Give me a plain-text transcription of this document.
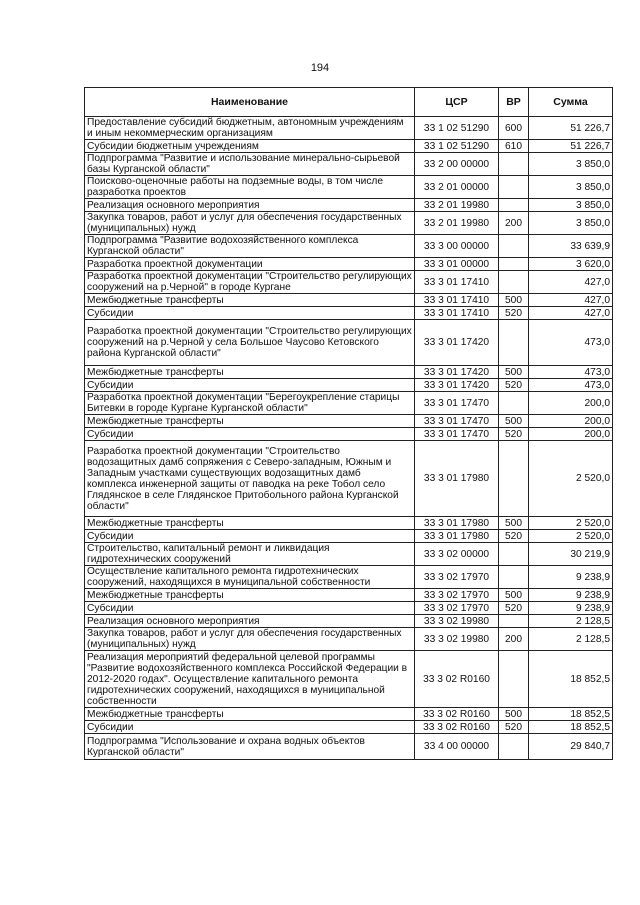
194
Наименование	ЦСР	ВР	Сумма
Предоставление субсидий бюджетным, автономным учреждениям и иным некоммерческим организациям	33 1 02 51290	600	51 226,7
Субсидии бюджетным учреждениям	33 1 02 51290	610	51 226,7
Подпрограмма "Развитие и использование минерально-сырьевой базы Курганской области"	33 2 00 00000		3 850,0
Поисково-оценочные работы на подземные воды, в том числе разработка проектов	33 2 01 00000		3 850,0
Реализация основного мероприятия	33 2 01 19980		3 850,0
Закупка товаров, работ и услуг для обеспечения государственных (муниципальных) нужд	33 2 01 19980	200	3 850,0
Подпрограмма "Развитие водохозяйственного комплекса Курганской области"	33 3 00 00000		33 639,9
Разработка проектной документации	33 3 01 00000		3 620,0
Разработка проектной документации "Строительство регулирующих сооружений на р.Черной" в городе Кургане	33 3 01 17410		427,0
Межбюджетные трансферты	33 3 01 17410	500	427,0
Субсидии	33 3 01 17410	520	427,0
Разработка проектной документации "Строительство регулирующих сооружений на р.Черной у села Большое Чаусово Кетовского района Курганской области"	33 3 01 17420		473,0
Межбюджетные трансферты	33 3 01 17420	500	473,0
Субсидии	33 3 01 17420	520	473,0
Разработка проектной документации "Берегоукрепление старицы Битевки в городе Кургане Курганской области"	33 3 01 17470		200,0
Межбюджетные трансферты	33 3 01 17470	500	200,0
Субсидии	33 3 01 17470	520	200,0
Разработка проектной документации "Строительство водозащитных дамб сопряжения с Северо-западным, Южным и Западным участками существующих водозащитных дамб комплекса инженерной защиты от паводка на реке Тобол село Глядянское в селе Глядянское Притобольного района Курганской области"	33 3 01 17980		2 520,0
Межбюджетные трансферты	33 3 01 17980	500	2 520,0
Субсидии	33 3 01 17980	520	2 520,0
Строительство, капитальный ремонт и ликвидация гидротехнических сооружений	33 3 02 00000		30 219,9
Осуществление капитального ремонта гидротехнических сооружений, находящихся в муниципальной собственности	33 3 02 17970		9 238,9
Межбюджетные трансферты	33 3 02 17970	500	9 238,9
Субсидии	33 3 02 17970	520	9 238,9
Реализация основного мероприятия	33 3 02 19980		2 128,5
Закупка товаров, работ и услуг для обеспечения государственных (муниципальных) нужд	33 3 02 19980	200	2 128,5
Реализация мероприятий федеральной целевой программы "Развитие водохозяйственного комплекса Российской Федерации в 2012-2020 годах". Осуществление капитального ремонта гидротехнических сооружений, находящихся в муниципальной собственности	33 3 02 R0160		18 852,5
Межбюджетные трансферты	33 3 02 R0160	500	18 852,5
Субсидии	33 3 02 R0160	520	18 852,5
Подпрограмма "Использование и охрана водных объектов Курганской области"	33 4 00 00000		29 840,7
